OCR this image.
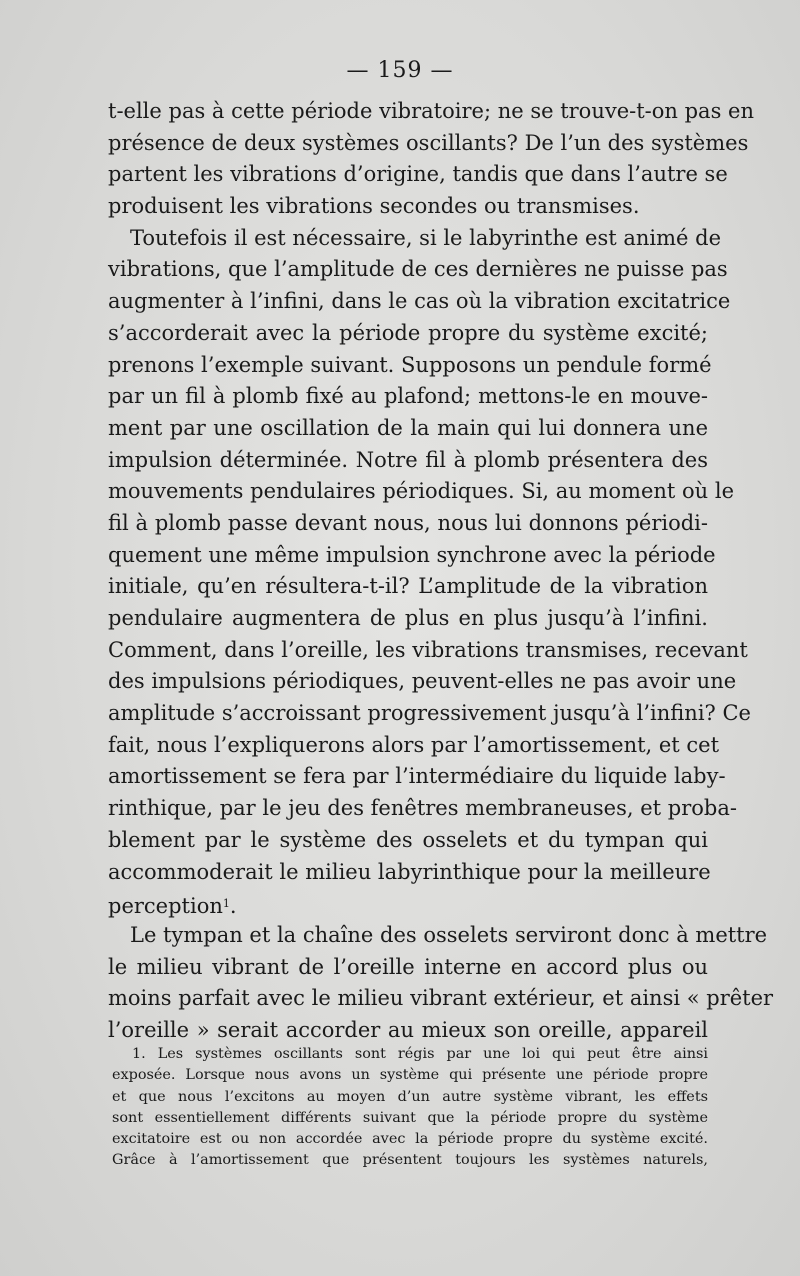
— 159 —
t-elle pas à cette période vibratoire; ne se trouve-t-on pas en
présence de deux systèmes oscillants? De l’un des systèmes
partent les vibrations d’origine, tandis que dans l’autre se
produisent les vibrations secondes ou transmises.
Toutefois il est nécessaire, si le labyrinthe est animé de
vibrations, que l’amplitude de ces dernières ne puisse pas
augmenter à l’infini, dans le cas où la vibration excitatrice
s’accorderait avec la période propre du système excité;
prenons l’exemple suivant. Supposons un pendule formé
par un fil à plomb fixé au plafond; mettons-le en mouve-
ment par une oscillation de la main qui lui donnera une
impulsion déterminée. Notre fil à plomb présentera des
mouvements pendulaires périodiques. Si, au moment où le
fil à plomb passe devant nous, nous lui donnons périodi-
quement une même impulsion synchrone avec la période
initiale, qu’en résultera-t-il? L’amplitude de la vibration
pendulaire augmentera de plus en plus jusqu’à l’infini.
Comment, dans l’oreille, les vibrations transmises, recevant
des impulsions périodiques, peuvent-elles ne pas avoir une
amplitude s’accroissant progressivement jusqu’à l’infini? Ce
fait, nous l’expliquerons alors par l’amortissement, et cet
amortissement se fera par l’intermédiaire du liquide laby-
rinthique, par le jeu des fenêtres membraneuses, et proba-
blement par le système des osselets et du tympan qui
accommoderait le milieu labyrinthique pour la meilleure
perception$^1$.
Le tympan et la chaîne des osselets serviront donc à mettre
le milieu vibrant de l’oreille interne en accord plus ou
moins parfait avec le milieu vibrant extérieur, et ainsi « prêter
l’oreille » serait accorder au mieux son oreille, appareil
1. Les systèmes oscillants sont régis par une loi qui peut être ainsi
exposée. Lorsque nous avons un système qui présente une période propre
et que nous l’excitons au moyen d’un autre système vibrant, les effets
sont essentiellement différents suivant que la période propre du système
excitatoire est ou non accordée avec la période propre du système excité.
Grâce à l’amortissement que présentent toujours les systèmes naturels,
